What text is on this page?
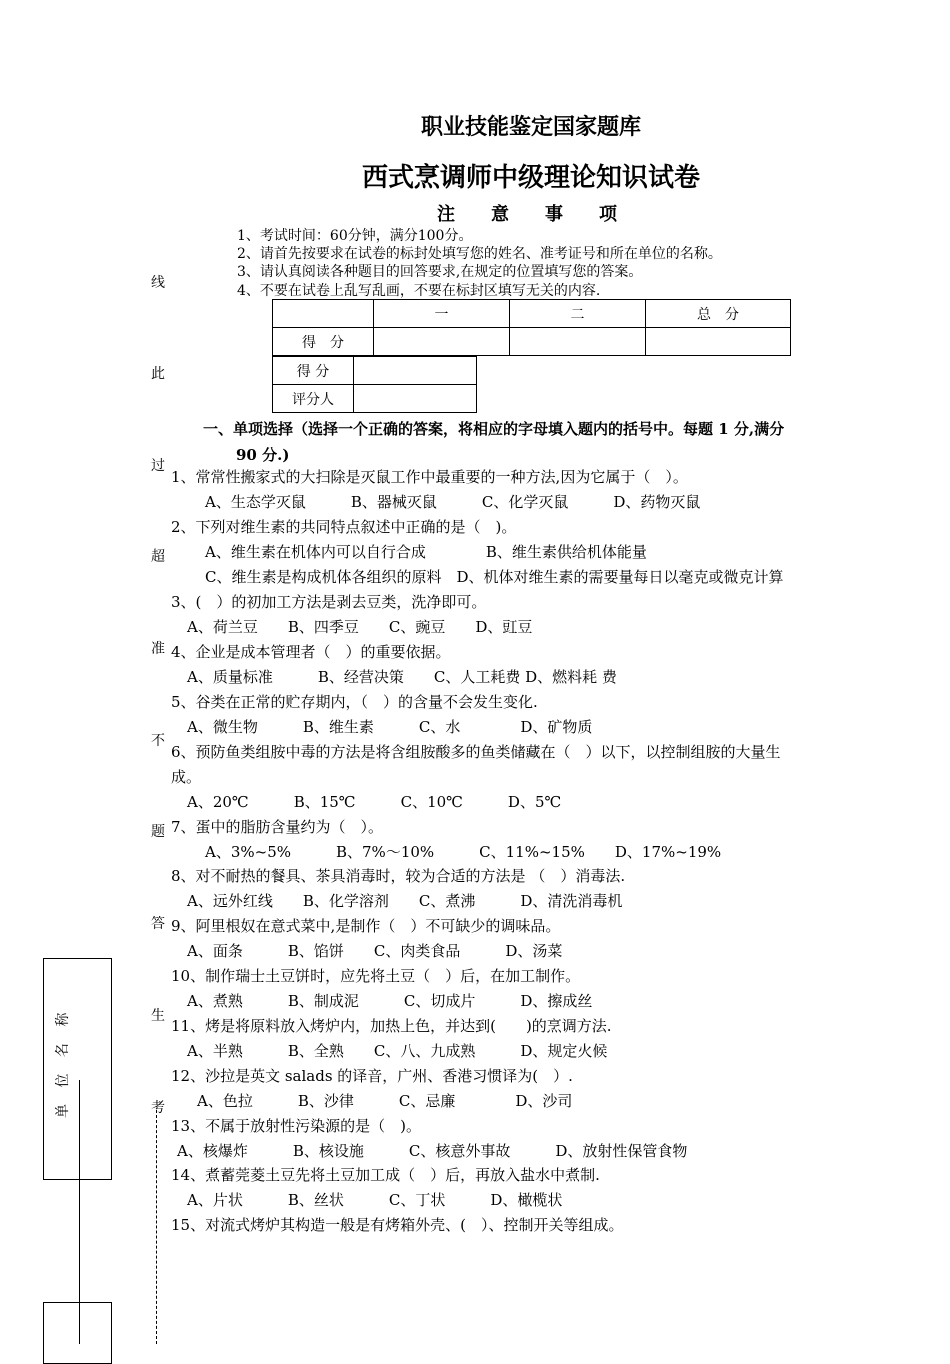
职业技能鉴定国家题库
西式烹调师中级理论知识试卷
注意事项
1、考试时间：60分钟，满分100分。
2、请首先按要求在试卷的标封处填写您的姓名、准考证号和所在单位的名称。
3、请认真阅读各种题目的回答要求,在规定的位置填写您的答案。
4、不要在试卷上乱写乱画，不要在标封区填写无关的内容.
	一	二	总　分
得　分			
得 分	
评分人	
一、单项选择（选择一个正确的答案，将相应的字母填入题内的括号中。每题 1 分,满分
90 分.)
1、常常性搬家式的大扫除是灭鼠工作中最重要的一种方法,因为它属于（　）。
A、生态学灭鼠　　　B、器械灭鼠　　　C、化学灭鼠　　　D、药物灭鼠
2、下列对维生素的共同特点叙述中正确的是（　)。
A、维生素在机体内可以自行合成　　　　B、维生素供给机体能量
C、维生素是构成机体各组织的原料　D、机体对维生素的需要量每日以毫克或微克计算
3、(　）的初加工方法是剥去豆类，洗净即可。
A、荷兰豆　　B、四季豆　　C、豌豆　　D、豇豆
4、企业是成本管理者（　）的重要依据。
A、质量标准　　　B、经营决策　　C、人工耗费 D、燃料耗 费
5、谷类在正常的贮存期内，（　）的含量不会发生变化.
A、微生物　　　B、维生素　　　C、水　　　　D、矿物质
6、预防鱼类组胺中毒的方法是将含组胺酸多的鱼类储藏在（　）以下，以控制组胺的大量生
成。
A、20℃　　　B、15℃　　　C、10℃　　　D、5℃
7、蛋中的脂肪含量约为（　）。
A、3%~5%　　　B、7%～10%　　　C、11%~15%　　D、17%~19%
8、对不耐热的餐具、茶具消毒时，较为合适的方法是 （　）消毒法.
A、远外红线　　B、化学溶剂　　C、煮沸　　　D、清洗消毒机
9、阿里根奴在意式菜中,是制作（　）不可缺少的调味品。
A、面条　　　B、馅饼　　C、肉类食品　　　D、汤菜
10、制作瑞士土豆饼时，应先将土豆（　）后，在加工制作。
A、煮熟　　　B、制成泥　　　C、切成片　　　D、擦成丝
11、烤是将原料放入烤炉内，加热上色，并达到(　　)的烹调方法.
A、半熟　　　B、全熟　　C、八、九成熟　　　D、规定火候
12、沙拉是英文 salads 的译音，广州、香港习惯译为(　）.
A、色拉　　　B、沙律　　　C、忌廉　　　　D、沙司
13、不属于放射性污染源的是（　)。
A、核爆炸　　　B、核设施　　　C、核意外事故　　　D、放射性保管食物
14、煮蓄莞菱土豆先将土豆加工成（　）后，再放入盐水中煮制.
A、片状　　　B、丝状　　　C、丁状　　　D、橄榄状
15、对流式烤炉其构造一般是有烤箱外壳、(　）、控制开关等组成。
线
此
过
超
准
不
题
答
生
考
单 位 名 称
